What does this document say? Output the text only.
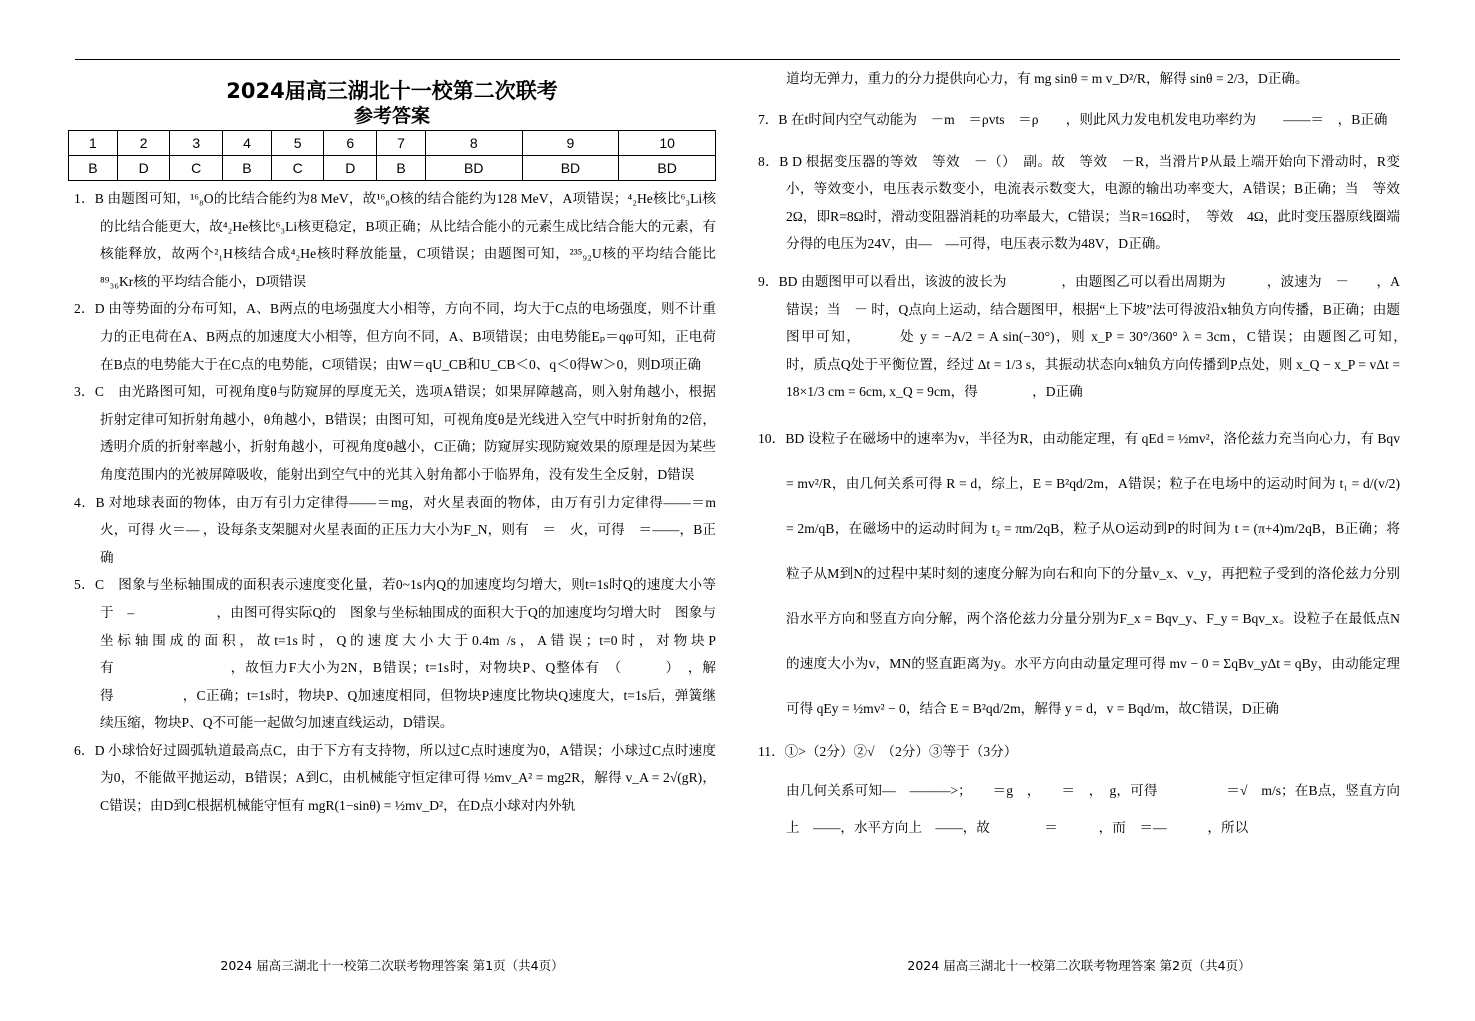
2024届高三湖北十一校第二次联考
参考答案
1	2	3	4	5	6	7	8	9	10
B	D	C	B	C	D	B	BD	BD	BD

1．B 由题图可知，¹⁶₈O的比结合能约为8 MeV，故¹⁶₈O核的结合能约为128 MeV，A项错误；⁴₂He核比⁶₃Li核的比结合能更大，故⁴₂He核比⁶₃Li核更稳定，B项正确；从比结合能小的元素生成比结合能大的元素，有核能释放，故两个²₁H核结合成⁴₂He核时释放能量，C项错误；由题图可知，²³⁵₉₂U核的平均结合能比⁸⁹₃₆Kr核的平均结合能小，D项错误

2．D 由等势面的分布可知，A、B两点的电场强度大小相等，方向不同，均大于C点的电场强度，则不计重力的正电荷在A、B两点的加速度大小相等，但方向不同，A、B项错误；由电势能Eₚ＝qφ可知，正电荷在B点的电势能大于在C点的电势能，C项错误；由W＝qU_CB和U_CB＜0、q＜0得W＞0，则D项正确

3．C　由光路图可知，可视角度θ与防窥屏的厚度无关，选项A错误；如果屏障越高，则入射角越小，根据折射定律可知折射角越小，θ角越小，B错误；由图可知，可视角度θ是光线进入空气中时折射角的2倍，透明介质的折射率越小，折射角越小，可视角度θ越小，C正确；防窥屏实现防窥效果的原理是因为某些角度范围内的光被屏障吸收，能射出到空气中的光其入射角都小于临界角，没有发生全反射，D错误

4．B 对地球表面的物体，由万有引力定律得——＝mg，对火星表面的物体，由万有引力定律得——＝m 火，可得 火＝— ，设每条支架腿对火星表面的正压力大小为F_N，则有　＝　火，可得　＝——，B正确

5．C　图象与坐标轴围成的面积表示速度变化量，若0~1s内Q的加速度均匀增大，则t=1s时Q的速度大小等于　–　　　　　　，由图可得实际Q的　图象与坐标轴围成的面积大于Q的加速度均匀增大时　图象与坐标轴围成的面积，故t=1s时，Q的速度大小大于0.4m /s，A错误；t=0时，对物块P有　　　　　　　　，故恒力F大小为2N，B错误；t=1s时，对物块P、Q整体有　（　　　）　，解得　　　　　，C正确；t=1s时，物块P、Q加速度相同，但物块P速度比物块Q速度大，t=1s后，弹簧继续压缩，物块P、Q不可能一起做匀加速直线运动，D错误。

6．D 小球恰好过圆弧轨道最高点C，由于下方有支持物，所以过C点时速度为0，A错误；小球过C点时速度为0，不能做平抛运动，B错误；A到C，由机械能守恒定律可得 ½mv_A² = mg2R，解得 v_A = 2√(gR)，C错误；由D到C根据机械能守恒有 mgR(1−sinθ) = ½mv_D²，在D点小球对内外轨

道均无弹力，重力的分力提供向心力，有 mg sinθ = m v_D²/R，解得 sinθ = 2/3，D正确。

7．B 在t时间内空气动能为　－m　＝ρvts　＝ρ　　，则此风力发电机发电功率约为　　——＝　，B正确

8．B D 根据变压器的等效　等效　－（）　副。故　等效　－R，当滑片P从最上端开始向下滑动时，R变小，等效变小，电压表示数变小，电流表示数变大，电源的输出功率变大，A错误；B正确；当　等效　2Ω，即R=8Ω时，滑动变阻器消耗的功率最大，C错误；当R=16Ω时，　等效　4Ω，此时变压器原线圈端分得的电压为24V，由—　—可得，电压表示数为48V，D正确。

9．BD 由题图甲可以看出，该波的波长为　　　　，由题图乙可以看出周期为　　　，波速为　－　　，A错误；当　－ 时，Q点向上运动，结合题图甲，根据“上下坡”法可得波沿x轴负方向传播，B正确；由题图甲可知，　　　处 y = −A/2 = A sin(−30°)，则 x_P = 30°/360° λ = 3cm，C错误；由题图乙可知，　　时，质点Q处于平衡位置，经过 Δt = 1/3 s，其振动状态向x轴负方向传播到P点处，则 x_Q − x_P = vΔt = 18×1/3 cm = 6cm, x_Q = 9cm，得　　　　，D正确

10．BD 设粒子在磁场中的速率为v，半径为R，由动能定理，有 qEd = ½mv²，洛伦兹力充当向心力，有 Bqv = mv²/R，由几何关系可得 R = d，综上，E = B²qd/2m，A错误；粒子在电场中的运动时间为 t₁ = d/(v/2) = 2m/qB，在磁场中的运动时间为 t₂ = πm/2qB，粒子从O运动到P的时间为 t = (π+4)m/2qB，B正确；将粒子从M到N的过程中某时刻的速度分解为向右和向下的分量v_x、v_y，再把粒子受到的洛伦兹力分别沿水平方向和竖直方向分解，两个洛伦兹力分量分别为F_x = Bqv_y、F_y = Bqv_x。设粒子在最低点N的速度大小为v，MN的竖直距离为y。水平方向由动量定理可得 mv − 0 = ΣqBv_yΔt = qBy，由动能定理可得 qEy = ½mv² − 0，结合 E = B²qd/2m，解得 y = d，v = Bqd/m，故C错误，D正确

11．①>（2分）②√　（2分）③等于（3分）

由几何关系可知—　———>；　　＝g　，　　＝　，　g，可得　　　　　＝√　m/s；在B点，竖直方向上　——，水平方向上　——，故　　　　＝　　　，而　＝—　　　，所以

2024 届高三湖北十一校第二次联考物理答案 第1页（共4页）	2024 届高三湖北十一校第二次联考物理答案 第2页（共4页）
